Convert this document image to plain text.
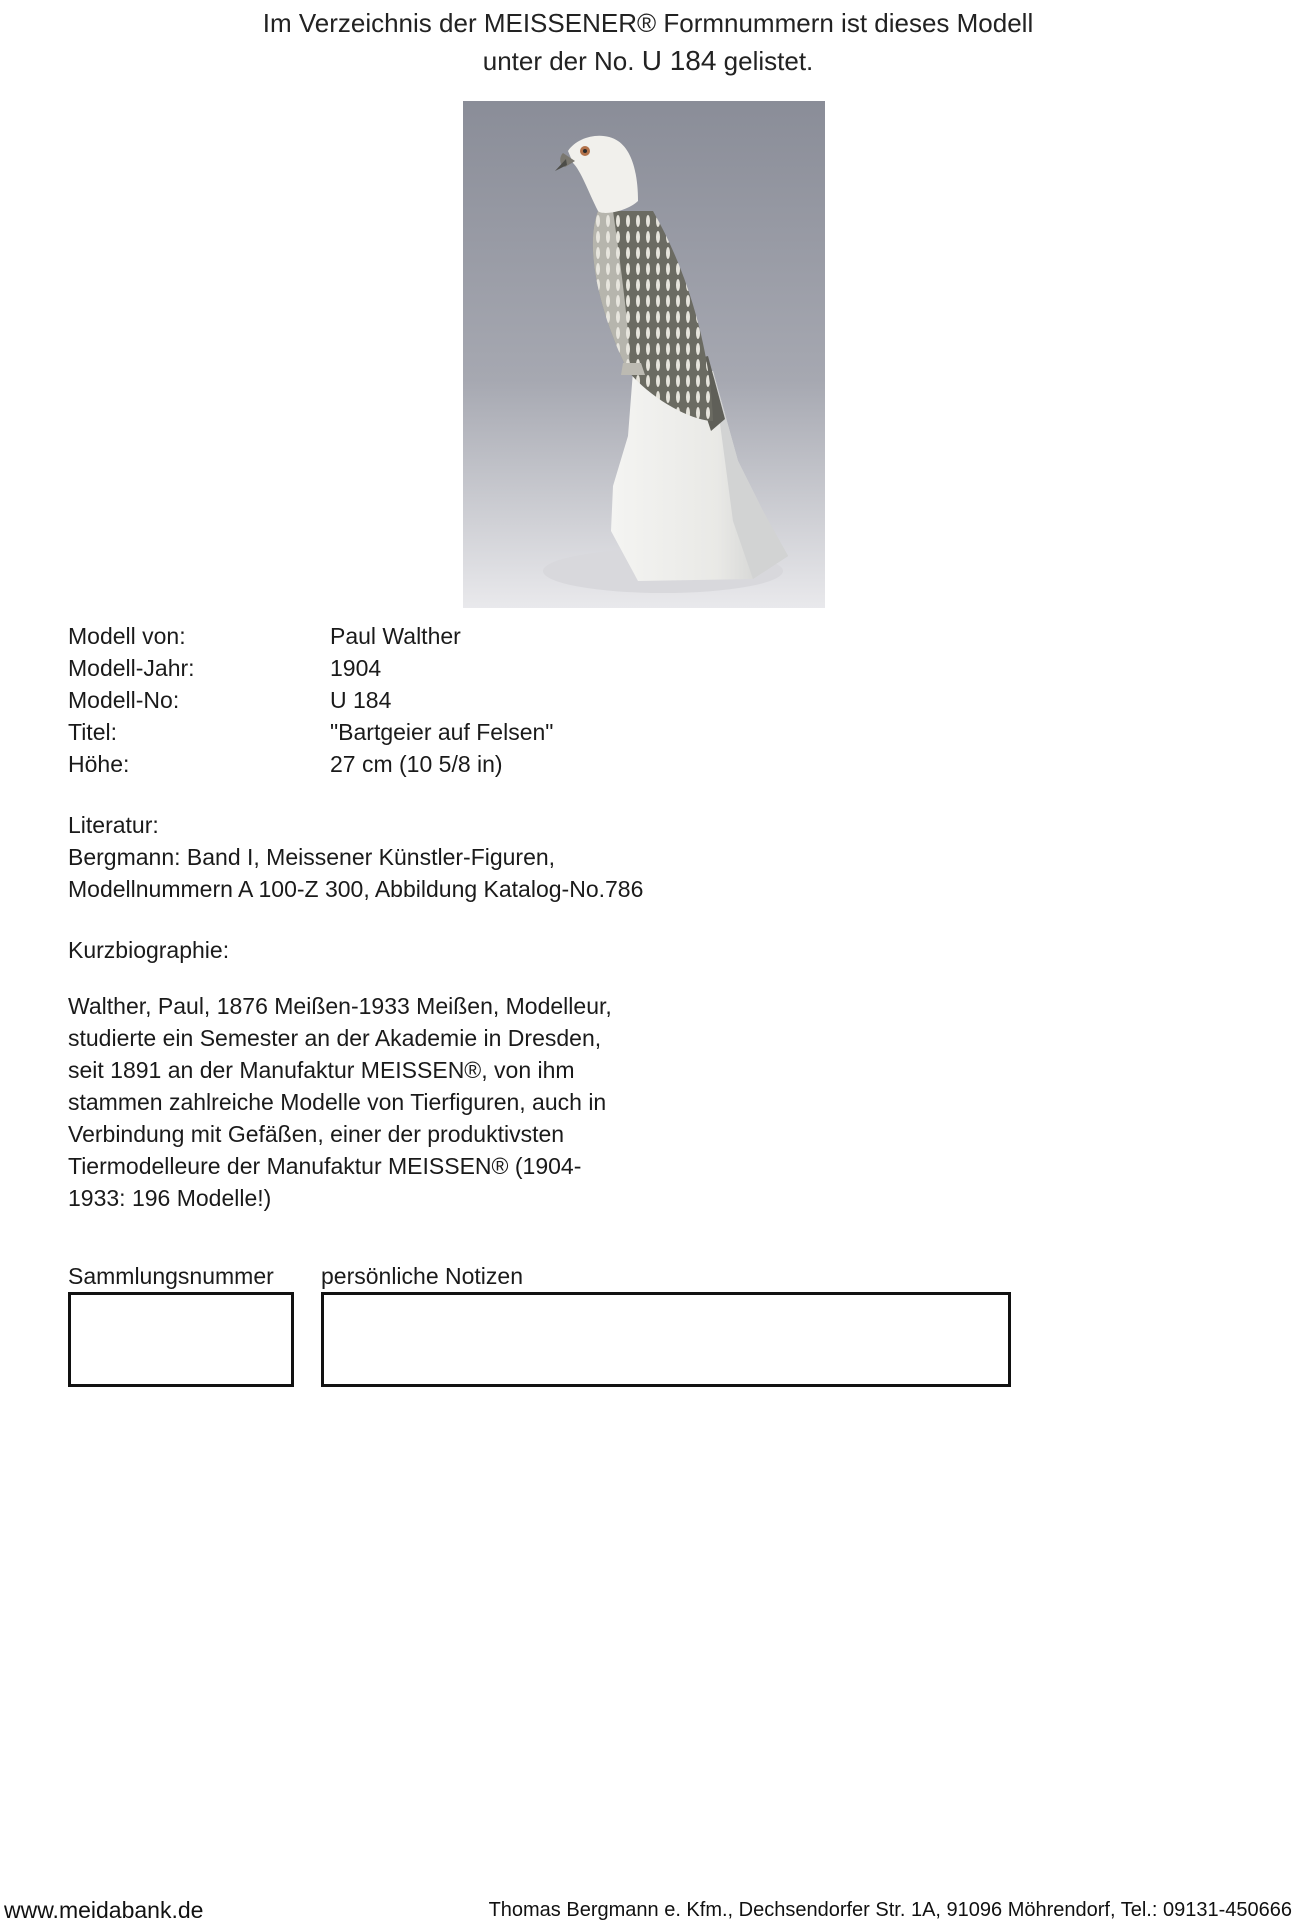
Im Verzeichnis der MEISSENER® Formnummern ist dieses Modell
unter der No. U 184 gelistet.
Modell von:	Paul Walther
Modell-Jahr:	1904
Modell-No:	U 184
Titel:	"Bartgeier auf Felsen"
Höhe:	27 cm (10 5/8 in)
Literatur:
Bergmann: Band I, Meissener Künstler-Figuren,
Modellnummern A 100-Z 300, Abbildung Katalog-No.786
Kurzbiographie:
Walther, Paul, 1876 Meißen-1933 Meißen, Modelleur,
studierte ein Semester an der Akademie in Dresden,
seit 1891 an der Manufaktur MEISSEN®, von ihm
stammen zahlreiche Modelle von Tierfiguren, auch in
Verbindung mit Gefäßen, einer der produktivsten
Tiermodelleure der Manufaktur MEISSEN® (1904-
1933: 196 Modelle!)
Sammlungsnummer persönliche Notizen
www.meidabank.de	Thomas Bergmann e. Kfm., Dechsendorfer Str. 1A, 91096 Möhrendorf, Tel.: 09131-450666
